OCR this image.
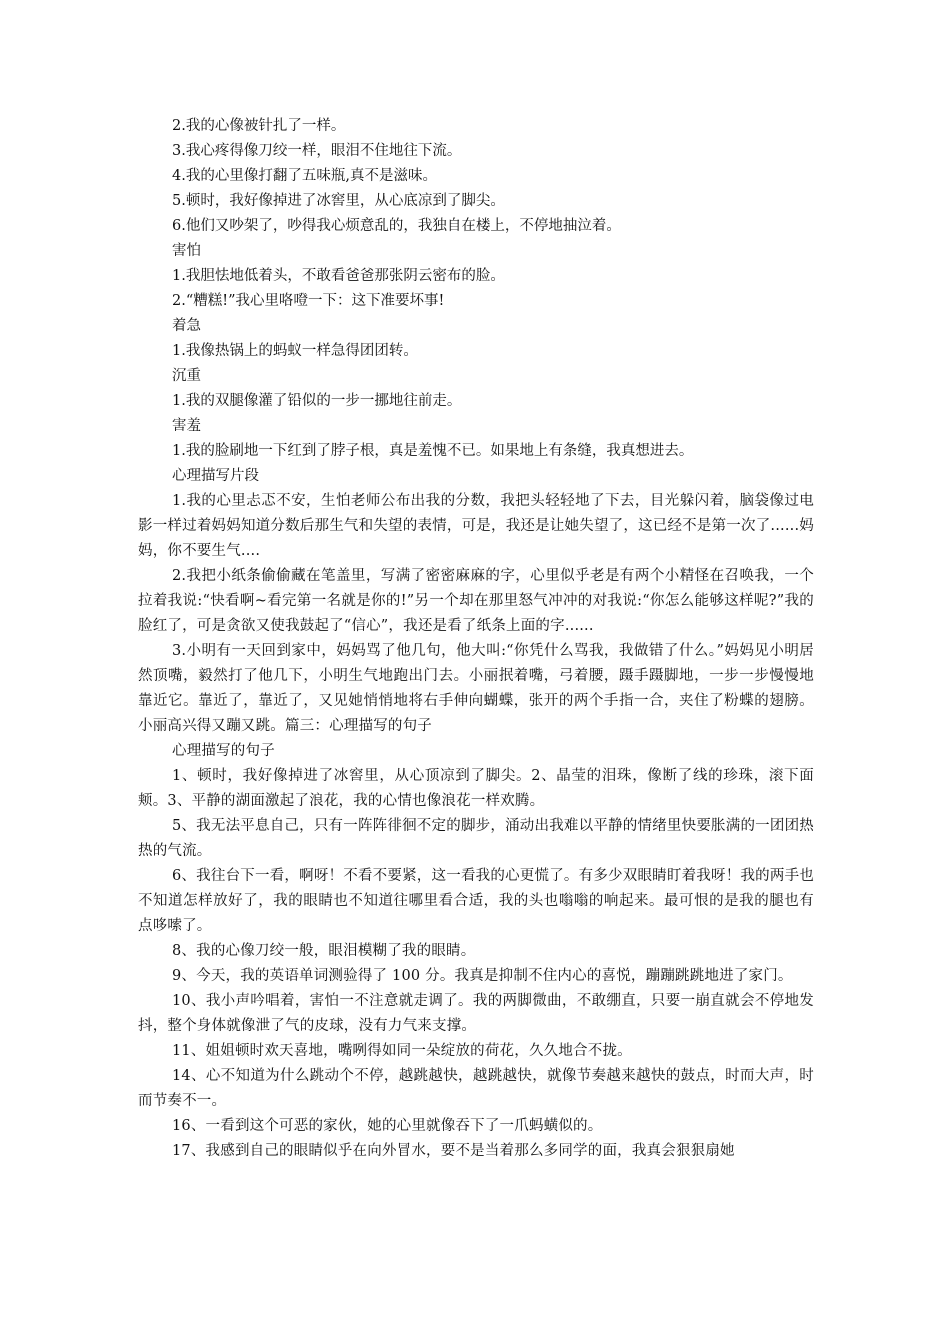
2.我的心像被针扎了一样。
3.我心疼得像刀绞一样，眼泪不住地往下流。
4.我的心里像打翻了五味瓶,真不是滋味。
5.顿时，我好像掉进了冰窖里，从心底凉到了脚尖。
6.他们又吵架了，吵得我心烦意乱的，我独自在楼上，不停地抽泣着。
害怕
1.我胆怯地低着头，不敢看爸爸那张阴云密布的脸。
2.“糟糕!”我心里咯噔一下：这下准要坏事!
着急
1.我像热锅上的蚂蚁一样急得团团转。
沉重
1.我的双腿像灌了铅似的一步一挪地往前走。
害羞
1.我的脸刷地一下红到了脖子根，真是羞愧不已。如果地上有条缝，我真想进去。
心理描写片段
1.我的心里忐忑不安，生怕老师公布出我的分数，我把头轻轻地了下去，目光躲闪着，脑袋像过电影一样过着妈妈知道分数后那生气和失望的表情，可是，我还是让她失望了，这已经不是第一次了......妈妈，你不要生气....
2.我把小纸条偷偷藏在笔盖里，写满了密密麻麻的字，心里似乎老是有两个小精怪在召唤我，一个拉着我说:“快看啊~看完第一名就是你的!”另一个却在那里怒气冲冲的对我说:“你怎么能够这样呢?”我的脸红了，可是贪欲又使我鼓起了“信心”，我还是看了纸条上面的字......
3.小明有一天回到家中，妈妈骂了他几句，他大叫:“你凭什么骂我，我做错了什么。”妈妈见小明居然顶嘴，毅然打了他几下，小明生气地跑出门去。小丽抿着嘴，弓着腰，蹑手蹑脚地，一步一步慢慢地靠近它。靠近了，靠近了，又见她悄悄地将右手伸向蝴蝶，张开的两个手指一合，夹住了粉蝶的翅膀。小丽高兴得又蹦又跳。篇三：心理描写的句子
心理描写的句子
1、顿时，我好像掉进了冰窖里，从心顶凉到了脚尖。2、晶莹的泪珠，像断了线的珍珠，滚下面颊。3、平静的湖面激起了浪花，我的心情也像浪花一样欢腾。
5、我无法平息自己，只有一阵阵徘徊不定的脚步，涌动出我难以平静的情绪里快要胀满的一团团热热的气流。
6、我往台下一看，啊呀！不看不要紧，这一看我的心更慌了。有多少双眼睛盯着我呀！我的两手也不知道怎样放好了，我的眼睛也不知道往哪里看合适，我的头也嗡嗡的响起来。最可恨的是我的腿也有点哆嗦了。
8、我的心像刀绞一般，眼泪模糊了我的眼睛。
9、今天，我的英语单词测验得了 100 分。我真是抑制不住内心的喜悦，蹦蹦跳跳地进了家门。
10、我小声吟唱着，害怕一不注意就走调了。我的两脚微曲，不敢绷直，只要一崩直就会不停地发抖，整个身体就像泄了气的皮球，没有力气来支撑。
11、姐姐顿时欢天喜地，嘴咧得如同一朵绽放的荷花，久久地合不拢。
14、心不知道为什么跳动个不停，越跳越快，越跳越快，就像节奏越来越快的鼓点，时而大声，时而节奏不一。
16、一看到这个可恶的家伙，她的心里就像吞下了一爪蚂蟥似的。
17、我感到自己的眼睛似乎在向外冒水，要不是当着那么多同学的面，我真会狠狠扇她
